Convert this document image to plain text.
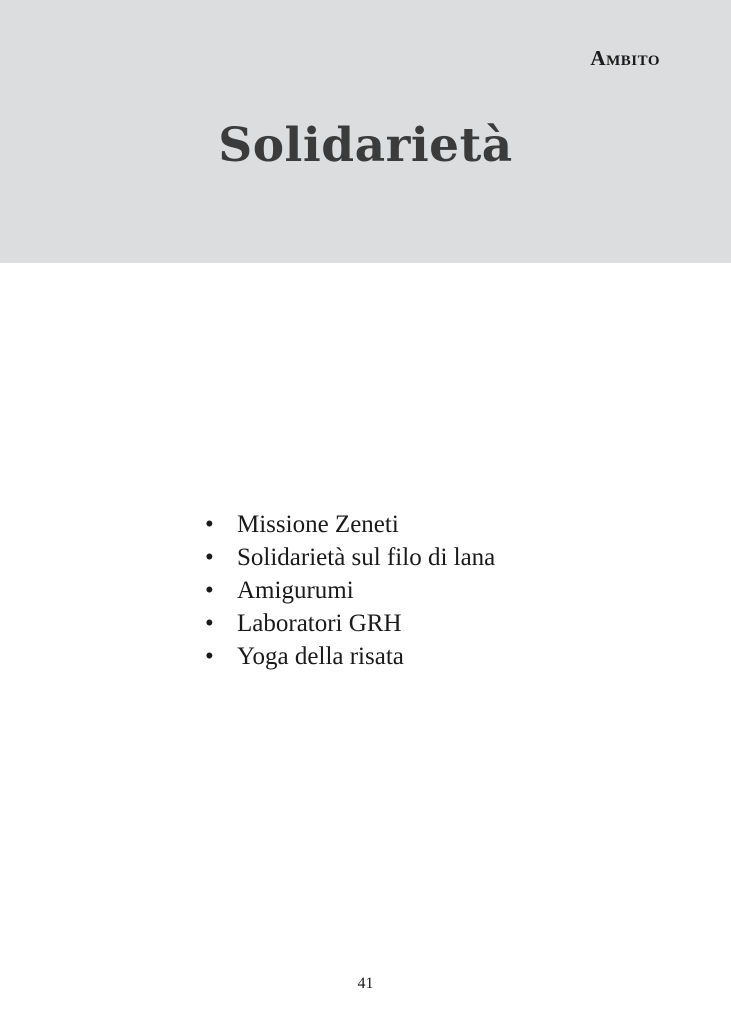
Ambito
Solidarietà
• Missione Zeneti
• Solidarietà sul filo di lana
• Amigurumi
• Laboratori GRH
• Yoga della risata
41
